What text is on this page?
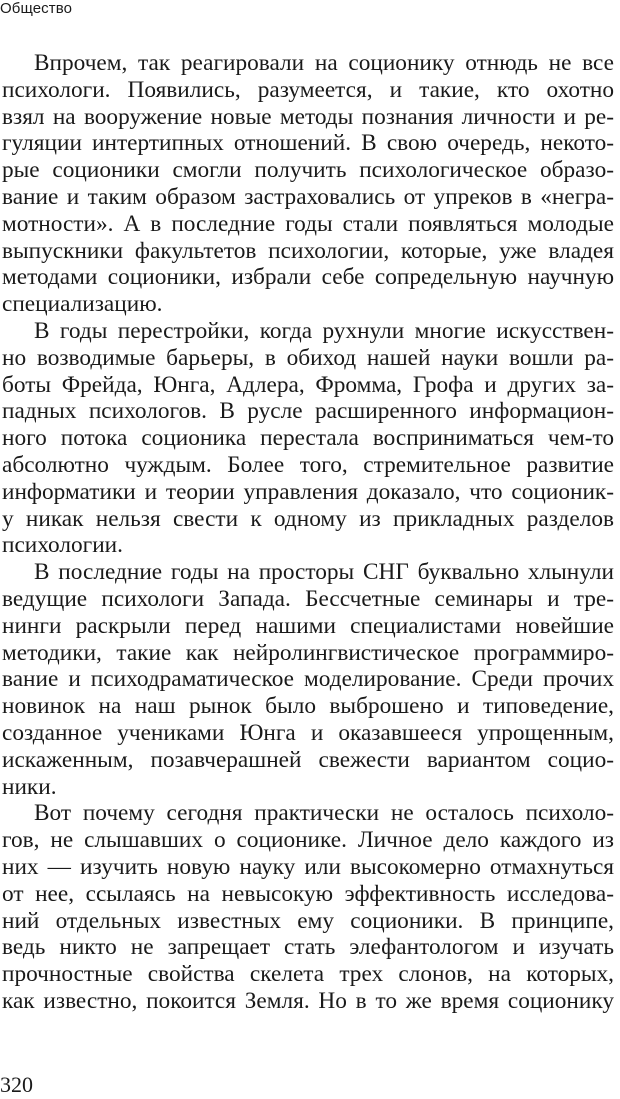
Общество
Впрочем, так реагировали на соционику отнюдь не все
психологи. Появились, разумеется, и такие, кто охотно
взял на вооружение новые методы познания личности и ре-
гуляции интертипных отношений. В свою очередь, некото-
рые соционики смогли получить психологическое образо-
вание и таким образом застраховались от упреков в «негра-
мотности». А в последние годы стали появляться молодые
выпускники факультетов психологии, которые, уже владея
методами соционики, избрали себе сопредельную научную
специализацию.
В годы перестройки, когда рухнули многие искусствен-
но возводимые барьеры, в обиход нашей науки вошли ра-
боты Фрейда, Юнга, Адлера, Фромма, Грофа и других за-
падных психологов. В русле расширенного информацион-
ного потока соционика перестала восприниматься чем-то
абсолютно чуждым. Более того, стремительное развитие
информатики и теории управления доказало, что соционик-
у никак нельзя свести к одному из прикладных разделов
психологии.
В последние годы на просторы СНГ буквально хлынули
ведущие психологи Запада. Бессчетные семинары и тре-
нинги раскрыли перед нашими специалистами новейшие
методики, такие как нейролингвистическое программиро-
вание и психодраматическое моделирование. Среди прочих
новинок на наш рынок было выброшено и типоведение,
созданное учениками Юнга и оказавшееся упрощенным,
искаженным, позавчерашней свежести вариантом социо-
ники.
Вот почему сегодня практически не осталось психоло-
гов, не слышавших о соционике. Личное дело каждого из
них — изучить новую науку или высокомерно отмахнуться
от нее, ссылаясь на невысокую эффективность исследова-
ний отдельных известных ему соционики. В принципе,
ведь никто не запрещает стать элефантологом и изучать
прочностные свойства скелета трех слонов, на которых,
как известно, покоится Земля. Но в то же время соционику
320
